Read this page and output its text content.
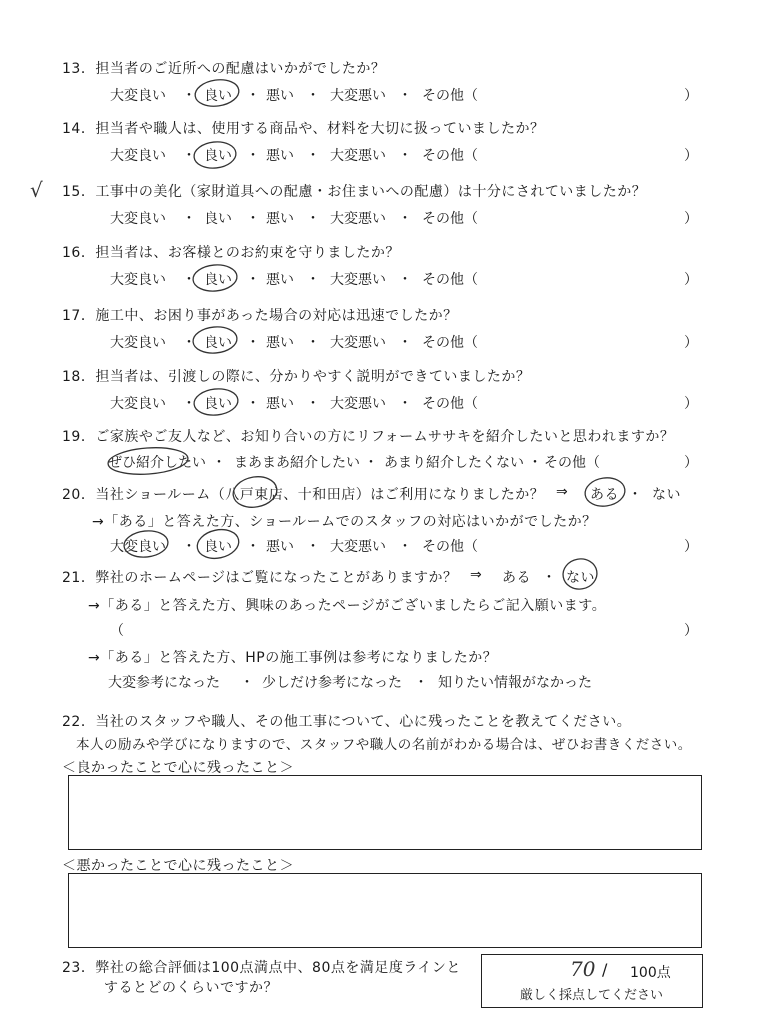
13．担当者のご近所への配慮はいかがでしたか？
大変良い ・ 良い ・ 悪い ・ 大変悪い ・ その他（	）
14．担当者や職人は、使用する商品や、材料を大切に扱っていましたか？
大変良い ・ 良い ・ 悪い ・ 大変悪い ・ その他（	）
15．工事中の美化（家財道具への配慮・お住まいへの配慮）は十分にされていましたか？
大変良い ・ 良い ・ 悪い ・ 大変悪い ・ その他（	）
16．担当者は、お客様とのお約束を守りましたか？
大変良い ・ 良い ・ 悪い ・ 大変悪い ・ その他（	）
17．施工中、お困り事があった場合の対応は迅速でしたか？
大変良い ・ 良い ・ 悪い ・ 大変悪い ・ その他（	）
18．担当者は、引渡しの際に、分かりやすく説明ができていましたか？
大変良い ・ 良い ・ 悪い ・ 大変悪い ・ その他（	）
19．ご家族やご友人など、お知り合いの方にリフォームササキを紹介したいと思われますか？
ぜひ紹介したい ・ まあまあ紹介したい ・ あまり紹介したくない ・ その他（	）
20．当社ショールーム（八戸東店、十和田店）はご利用になりましたか？ ⇒ ある ・ ない
→「ある」と答えた方、ショールームでのスタッフの対応はいかがでしたか？
大変良い ・ 良い ・ 悪い ・ 大変悪い ・ その他（	）
21．弊社のホームページはご覧になったことがありますか？ ⇒ ある ・ ない
→「ある」と答えた方、興味のあったページがございましたらご記入願います。
（	）
→「ある」と答えた方、HPの施工事例は参考になりましたか？
大変参考になった ・ 少しだけ参考になった ・ 知りたい情報がなかった
22．当社のスタッフや職人、その他工事について、心に残ったことを教えてください。
本人の励みや学びになりますので、スタッフや職人の名前がわかる場合は、ぜひお書きください。
＜良かったことで心に残ったこと＞
＜悪かったことで心に残ったこと＞
23．弊社の総合評価は100点満点中、80点を満足度ラインと
するとどのくらいですか？
70 / 100点
厳しく採点してください
√
